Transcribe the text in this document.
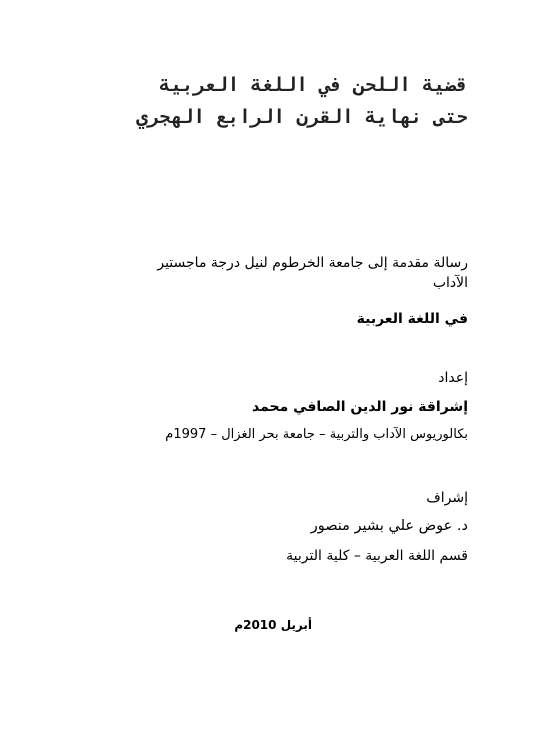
قضية اللحن في اللغة العربية
حتى نهاية القرن الرابع الهجري

رسالة مقدمة إلى جامعة الخرطوم لنيل درجة ماجستير

الآداب

في اللغة العربية

إعداد

إشراقة نور الدين الصافي محمد

بكالوريوس الآداب والتربية – جامعة بحر الغزال – 1997م

إشراف

د. عوض علي بشير منصور

قسم اللغة العربية – كلية التربية

أبريل 2010م
